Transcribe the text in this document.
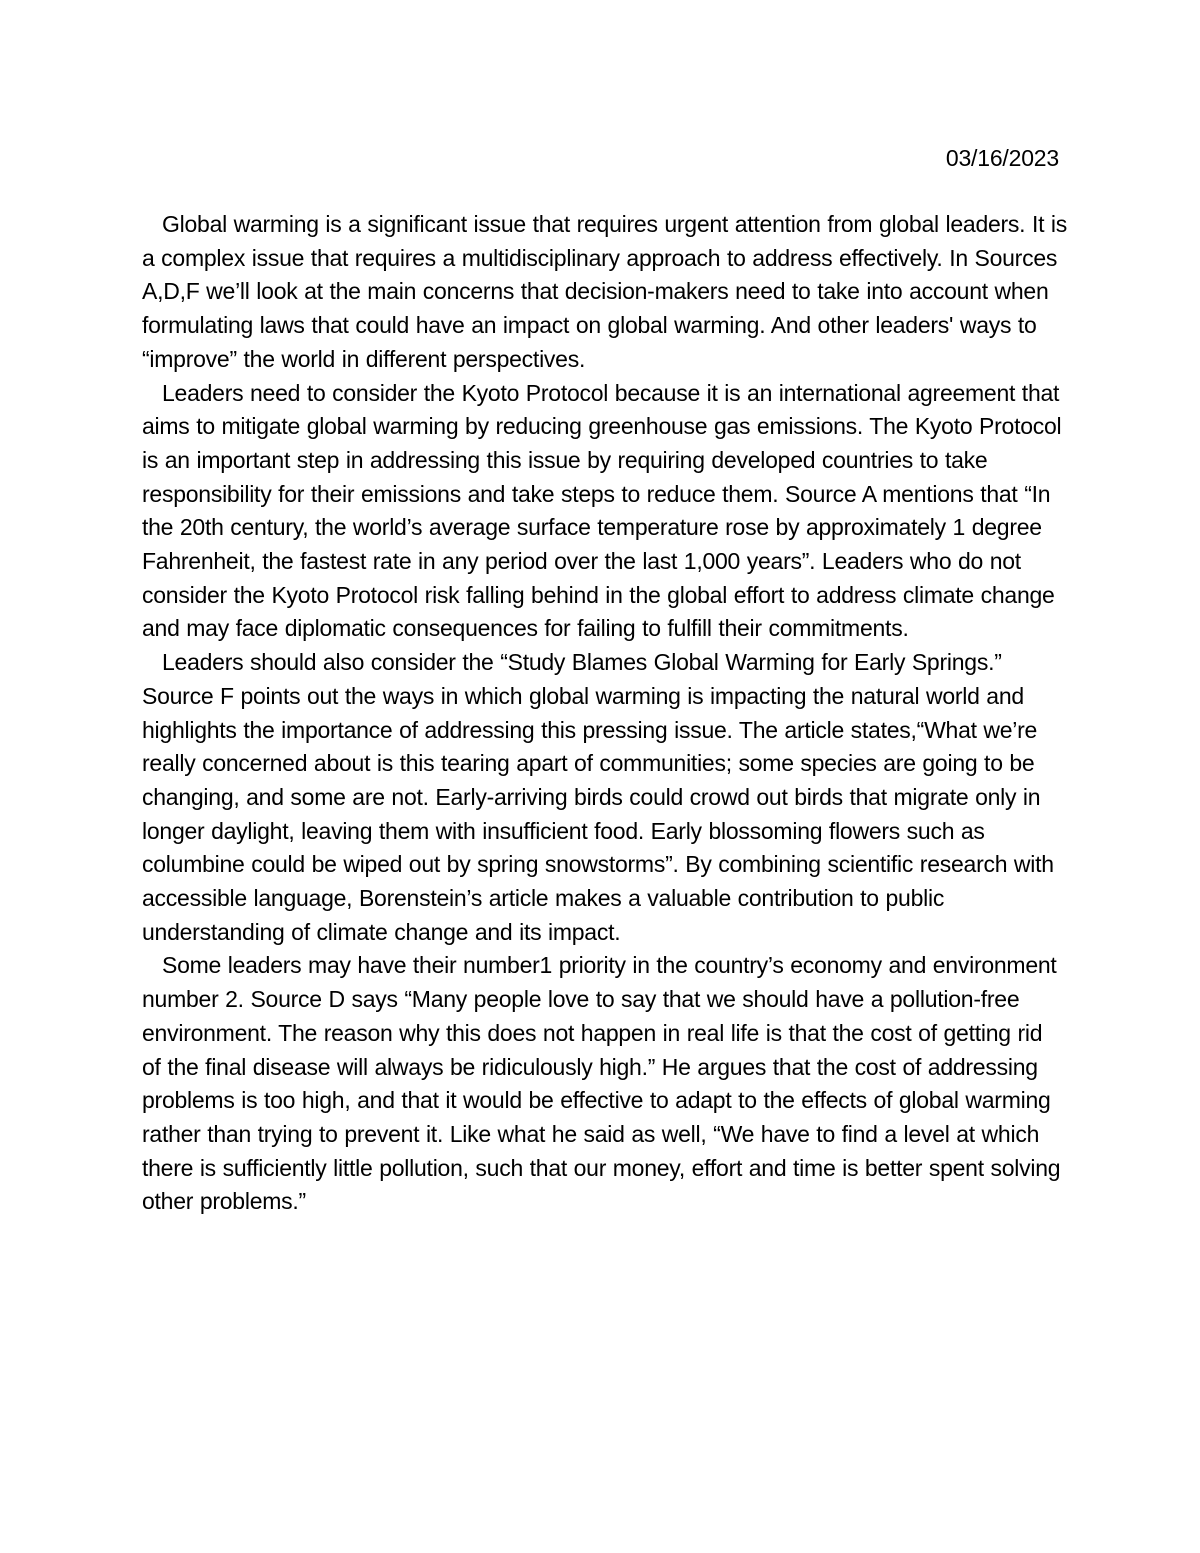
03/16/2023

Global warming is a significant issue that requires urgent attention from global leaders. It is a complex issue that requires a multidisciplinary approach to address effectively. In Sources A,D,F we’ll look at the main concerns that decision-makers need to take into account when formulating laws that could have an impact on global warming. And other leaders' ways to “improve” the world in different perspectives.

Leaders need to consider the Kyoto Protocol because it is an international agreement that aims to mitigate global warming by reducing greenhouse gas emissions. The Kyoto Protocol is an important step in addressing this issue by requiring developed countries to take responsibility for their emissions and take steps to reduce them. Source A mentions that “In the 20th century, the world’s average surface temperature rose by approximately 1 degree Fahrenheit, the fastest rate in any period over the last 1,000 years”. Leaders who do not consider the Kyoto Protocol risk falling behind in the global effort to address climate change and may face diplomatic consequences for failing to fulfill their commitments.

Leaders should also consider the “Study Blames Global Warming for Early Springs.” Source F points out the ways in which global warming is impacting the natural world and highlights the importance of addressing this pressing issue. The article states,“What we’re really concerned about is this tearing apart of communities; some species are going to be changing, and some are not. Early-arriving birds could crowd out birds that migrate only in longer daylight, leaving them with insufficient food. Early blossoming flowers such as columbine could be wiped out by spring snowstorms”. By combining scientific research with accessible language, Borenstein’s article makes a valuable contribution to public understanding of climate change and its impact.

Some leaders may have their number1 priority in the country’s economy and environment number 2. Source D says “Many people love to say that we should have a pollution-free environment. The reason why this does not happen in real life is that the cost of getting rid of the final disease will always be ridiculously high.” He argues that the cost of addressing problems is too high, and that it would be effective to adapt to the effects of global warming rather than trying to prevent it. Like what he said as well, “We have to find a level at which there is sufficiently little pollution, such that our money, effort and time is better spent solving other problems.”
